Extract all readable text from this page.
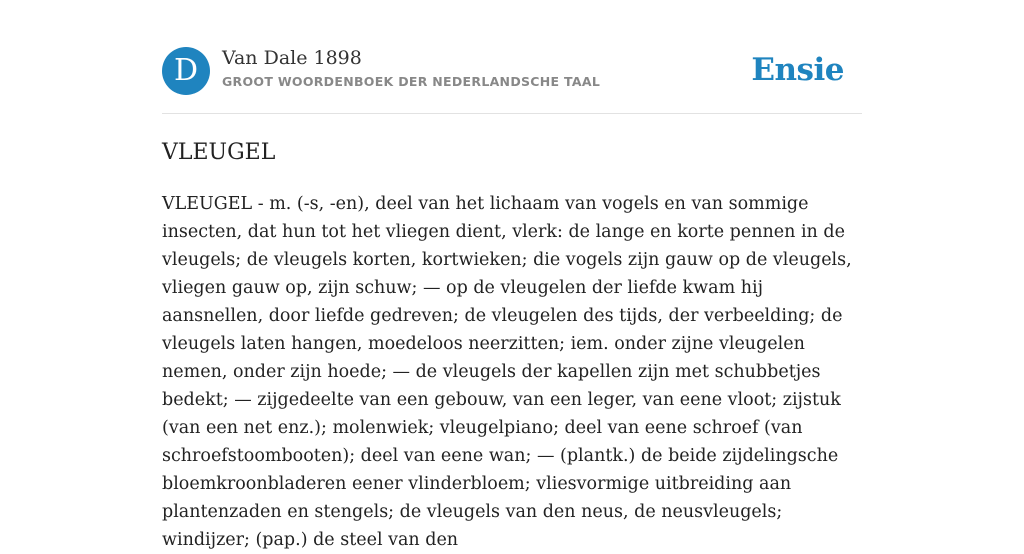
D	Van Dale 1898
GROOT WOORDENBOEK DER NEDERLANDSCHE TAAL	Ensie
VLEUGEL

VLEUGEL - m. (-s, -en), deel van het lichaam van vogels en van sommige insecten, dat hun tot het vliegen dient, vlerk: de lange en korte pennen in de vleugels; de vleugels korten, kortwieken; die vogels zijn gauw op de vleugels, vliegen gauw op, zijn schuw; — op de vleugelen der liefde kwam hij aansnellen, door liefde gedreven; de vleugelen des tijds, der verbeelding; de vleugels laten hangen, moedeloos neerzitten; iem. onder zijne vleugelen nemen, onder zijn hoede; — de vleugels der kapellen zijn met schubbetjes bedekt; — zijgedeelte van een gebouw, van een leger, van eene vloot; zijstuk (van een net enz.); molenwiek; vleugelpiano; deel van eene schroef (van schroefstoombooten); deel van eene wan; — (plantk.) de beide zijdelingsche bloemkroonbladeren eener vlinderbloem; vliesvormige uitbreiding aan plantenzaden en stengels; de vleugels van den neus, de neusvleugels; windijzer; (pap.) de steel van den
